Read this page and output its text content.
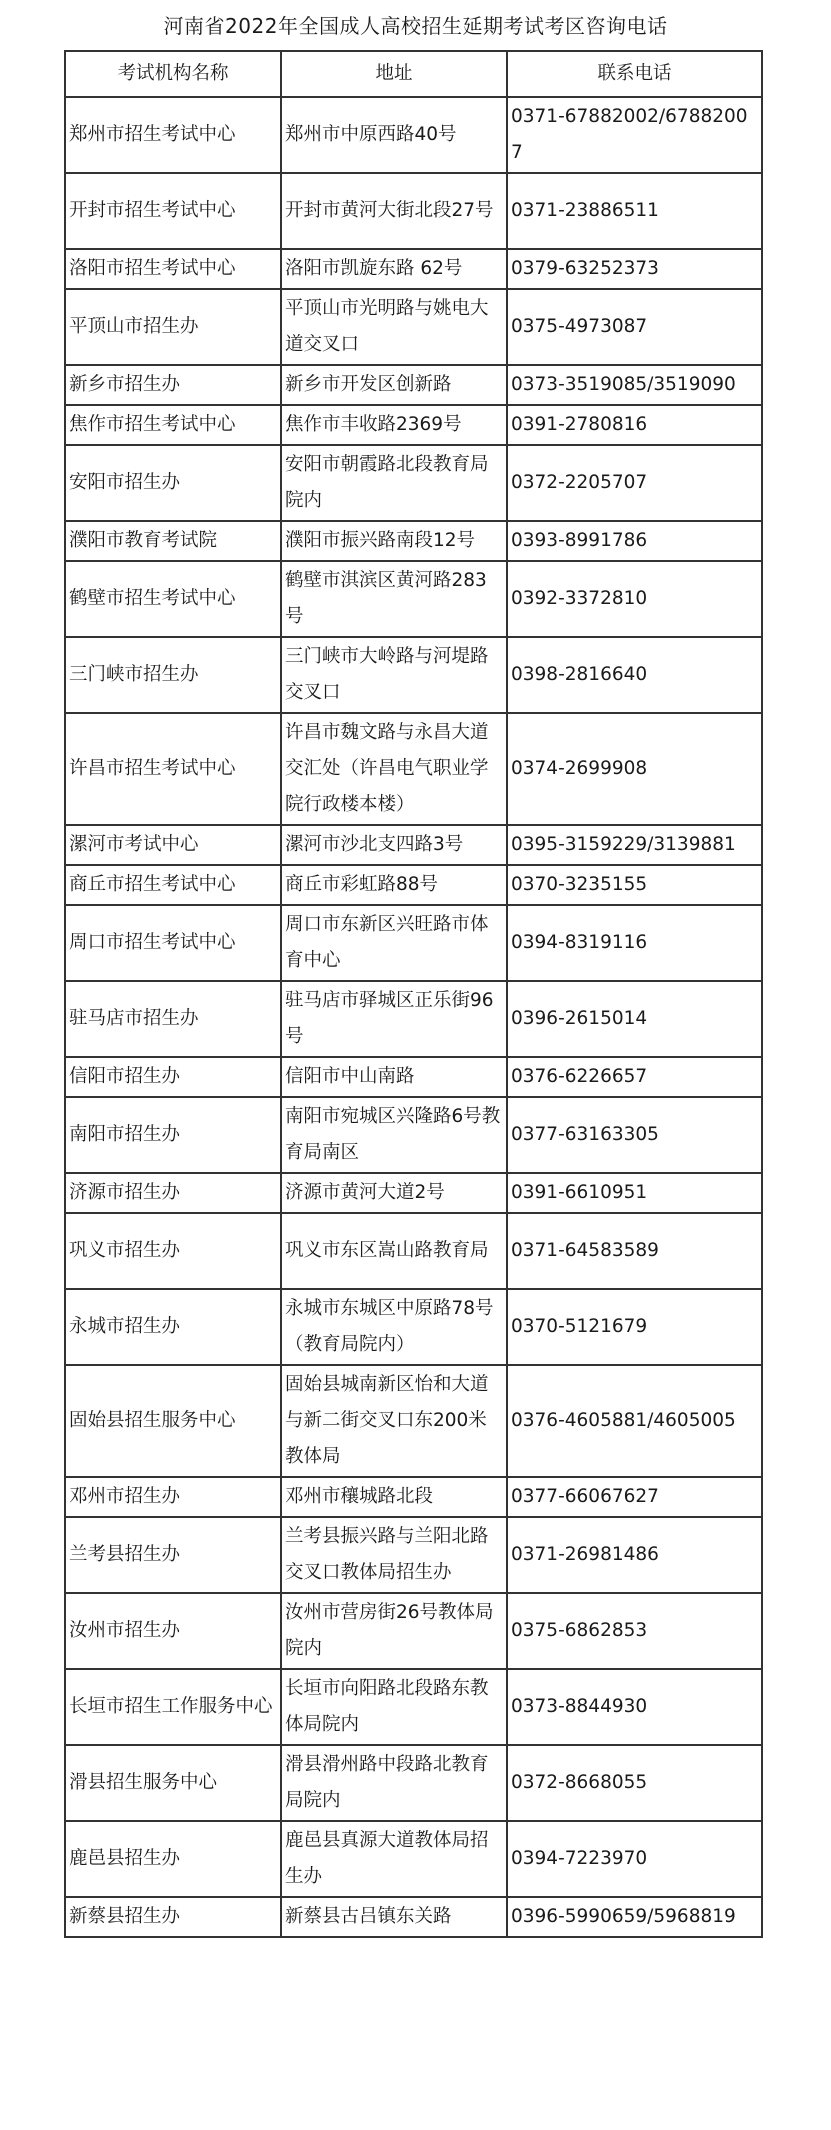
河南省2022年全国成人高校招生延期考试考区咨询电话
考试机构名称	地址	联系电话
郑州市招生考试中心	郑州市中原西路40号	0371-67882002/67882007
开封市招生考试中心	开封市黄河大街北段27号	0371-23886511
洛阳市招生考试中心	洛阳市凯旋东路 62号	0379-63252373
平顶山市招生办	平顶山市光明路与姚电大道交叉口	0375-4973087
新乡市招生办	新乡市开发区创新路	0373-3519085/3519090
焦作市招生考试中心	焦作市丰收路2369号	0391-2780816
安阳市招生办	安阳市朝霞路北段教育局院内	0372-2205707
濮阳市教育考试院	濮阳市振兴路南段12号	0393-8991786
鹤壁市招生考试中心	鹤壁市淇滨区黄河路283号	0392-3372810
三门峡市招生办	三门峡市大岭路与河堤路交叉口	0398-2816640
许昌市招生考试中心	许昌市魏文路与永昌大道交汇处（许昌电气职业学院行政楼本楼）	0374-2699908
漯河市考试中心	漯河市沙北支四路3号	0395-3159229/3139881
商丘市招生考试中心	商丘市彩虹路88号	0370-3235155
周口市招生考试中心	周口市东新区兴旺路市体育中心	0394-8319116
驻马店市招生办	驻马店市驿城区正乐街96号	0396-2615014
信阳市招生办	信阳市中山南路	0376-6226657
南阳市招生办	南阳市宛城区兴隆路6号教育局南区	0377-63163305
济源市招生办	济源市黄河大道2号	0391-6610951
巩义市招生办	巩义市东区嵩山路教育局	0371-64583589
永城市招生办	永城市东城区中原路78号（教育局院内）	0370-5121679
固始县招生服务中心	固始县城南新区怡和大道与新二街交叉口东200米教体局	0376-4605881/4605005
邓州市招生办	邓州市穰城路北段	0377-66067627
兰考县招生办	兰考县振兴路与兰阳北路交叉口教体局招生办	0371-26981486
汝州市招生办	汝州市营房街26号教体局院内	0375-6862853
长垣市招生工作服务中心	长垣市向阳路北段路东教体局院内	0373-8844930
滑县招生服务中心	滑县滑州路中段路北教育局院内	0372-8668055
鹿邑县招生办	鹿邑县真源大道教体局招生办	0394-7223970
新蔡县招生办	新蔡县古吕镇东关路	0396-5990659/5968819
